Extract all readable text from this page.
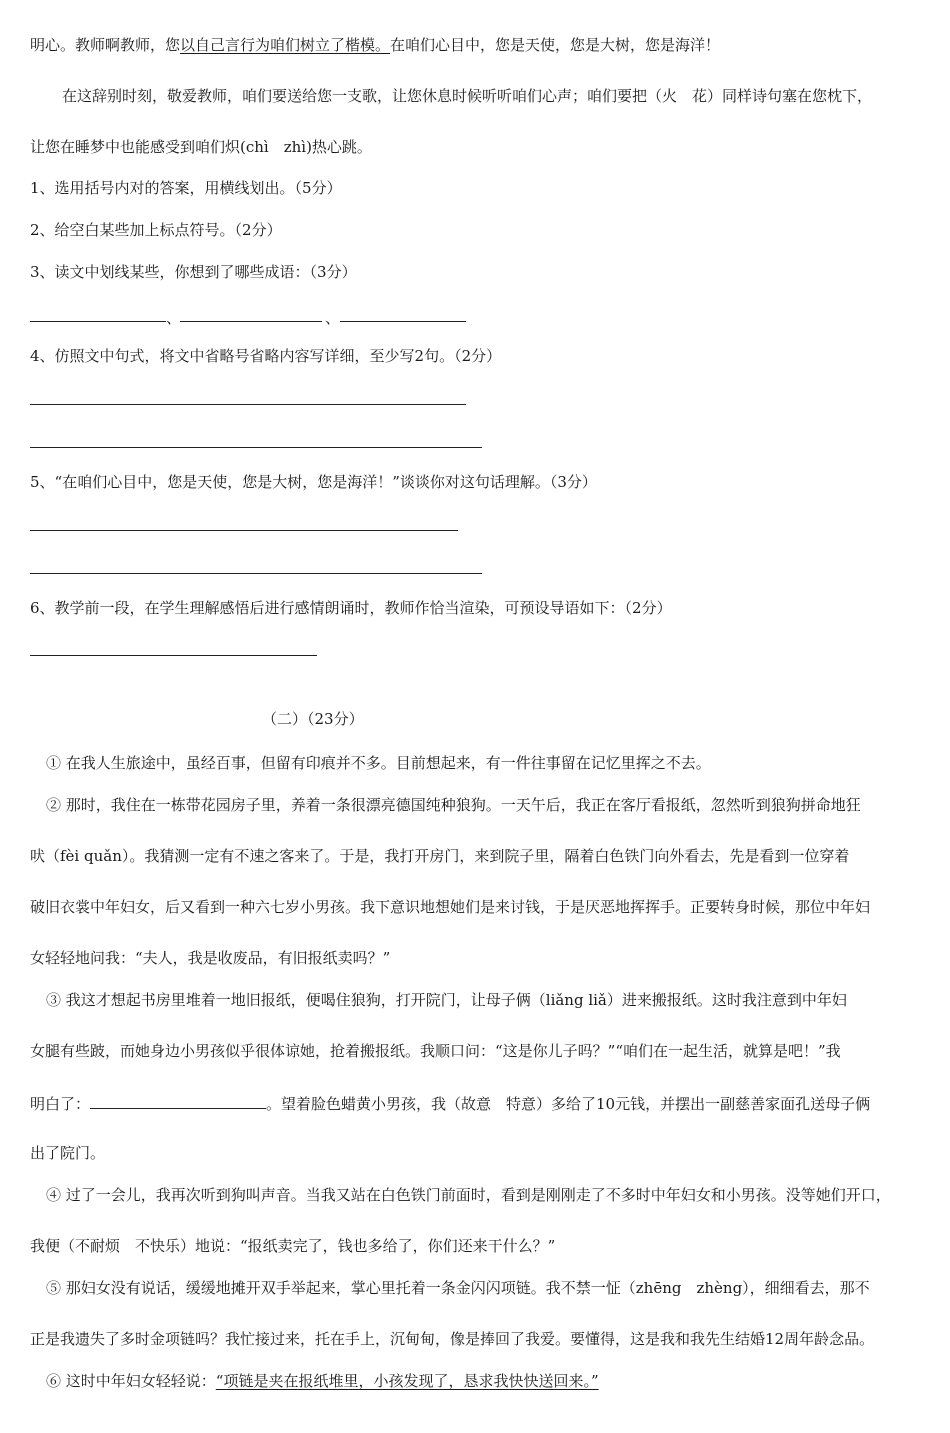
明心。教师啊教师，您以自己言行为咱们树立了楷模。在咱们心目中，您是天使，您是大树，您是海洋！
在这辞别时刻，敬爱教师，咱们要送给您一支歌，让您休息时候听听咱们心声；咱们要把（火　花）同样诗句塞在您枕下，
让您在睡梦中也能感受到咱们炽(chì　zhì)热心跳。
1、选用括号内对的答案，用横线划出。（5分）
2、给空白某些加上标点符号。（2分）
3、读文中划线某些，你想到了哪些成语：（3分）
、	、
4、仿照文中句式，将文中省略号省略内容写详细，至少写2句。（2分）
5、“在咱们心目中，您是天使，您是大树，您是海洋！”谈谈你对这句话理解。（3分）
6、教学前一段，在学生理解感悟后进行感情朗诵时，教师作恰当渲染，可预设导语如下：（2分）
（二）（23分）
① 在我人生旅途中，虽经百事，但留有印痕并不多。目前想起来，有一件往事留在记忆里挥之不去。
② 那时，我住在一栋带花园房子里，养着一条很漂亮德国纯种狼狗。一天午后，我正在客厅看报纸，忽然听到狼狗拼命地狂
吠（fèi quǎn）。我猜测一定有不速之客来了。于是，我打开房门，来到院子里，隔着白色铁门向外看去，先是看到一位穿着
破旧衣裳中年妇女，后又看到一种六七岁小男孩。我下意识地想她们是来讨钱，于是厌恶地挥挥手。正要转身时候，那位中年妇
女轻轻地问我：“夫人，我是收废品，有旧报纸卖吗？”
③ 我这才想起书房里堆着一地旧报纸，便喝住狼狗，打开院门，让母子俩（liǎng liǎ）进来搬报纸。这时我注意到中年妇
女腿有些跛，而她身边小男孩似乎很体谅她，抢着搬报纸。我顺口问：“这是你儿子吗？”“咱们在一起生活，就算是吧！”我
明白了：	。望着脸色蜡黄小男孩，我（故意　特意）多给了10元钱，并摆出一副慈善家面孔送母子俩
出了院门。
④ 过了一会儿，我再次听到狗叫声音。当我又站在白色铁门前面时，看到是刚刚走了不多时中年妇女和小男孩。没等她们开口，
我便（不耐烦　不快乐）地说：“报纸卖完了，钱也多给了，你们还来干什么？”
⑤ 那妇女没有说话，缓缓地摊开双手举起来，掌心里托着一条金闪闪项链。我不禁一怔（zhēng　zhèng），细细看去，那不
正是我遗失了多时金项链吗？我忙接过来，托在手上，沉甸甸，像是捧回了我爱。要懂得，这是我和我先生结婚12周年龄念品。
⑥ 这时中年妇女轻轻说：“项链是夹在报纸堆里，小孩发现了，恳求我快快送回来。”
